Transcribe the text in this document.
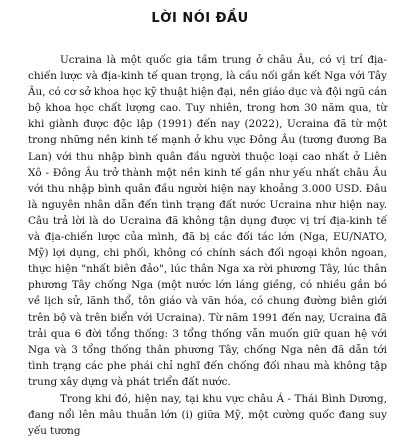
LỜI NÓI ĐẦU

Ucraina là một quốc gia tầm trung ở châu Âu, có vị trí địa-chiến lược và địa-kinh tế quan trọng, là cầu nối gắn kết Nga với Tây Âu, có cơ sở khoa học kỹ thuật hiện đại, nền giáo dục và đội ngũ cán bộ khoa học chất lượng cao. Tuy nhiên, trong hơn 30 năm qua, từ khi giành được độc lập (1991) đến nay (2022), Ucraina đã từ một trong những nền kinh tế mạnh ở khu vực Đông Âu (tương đương Ba Lan) với thu nhập bình quân đầu người thuộc loại cao nhất ở Liên Xô - Đông Âu trở thành một nền kinh tế gần như yếu nhất châu Âu với thu nhập bình quân đầu người hiện nay khoảng 3.000 USD. Đâu là nguyên nhân dẫn đến tình trạng đất nước Ucraina như hiện nay. Câu trả lời là do Ucraina đã không tận dụng được vị trí địa-kinh tế và địa-chiến lược của mình, đã bị các đối tác lớn (Nga, EU/NATO, Mỹ) lợi dụng, chi phối, không có chính sách đối ngoại khôn ngoan, thực hiện "nhất biên đảo", lúc thân Nga xa rời phương Tây, lúc thân phương Tây chống Nga (một nước lớn láng giềng, có nhiều gắn bó về lịch sử, lãnh thổ, tôn giáo và văn hóa, có chung đường biên giới trên bộ và trên biển với Ucraina). Từ năm 1991 đến nay, Ucraina đã trải qua 6 đời tổng thống: 3 tổng thống vẫn muốn giữ quan hệ với Nga và 3 tổng thống thân phương Tây, chống Nga nên đã dẫn tới tình trạng các phe phái chỉ nghĩ đến chống đối nhau mà không tập trung xây dựng và phát triển đất nước.

Trong khi đó, hiện nay, tại khu vực châu Á - Thái Bình Dương, đang nổi lên mâu thuẫn lớn (i) giữa Mỹ, một cường quốc đang suy yếu tương
